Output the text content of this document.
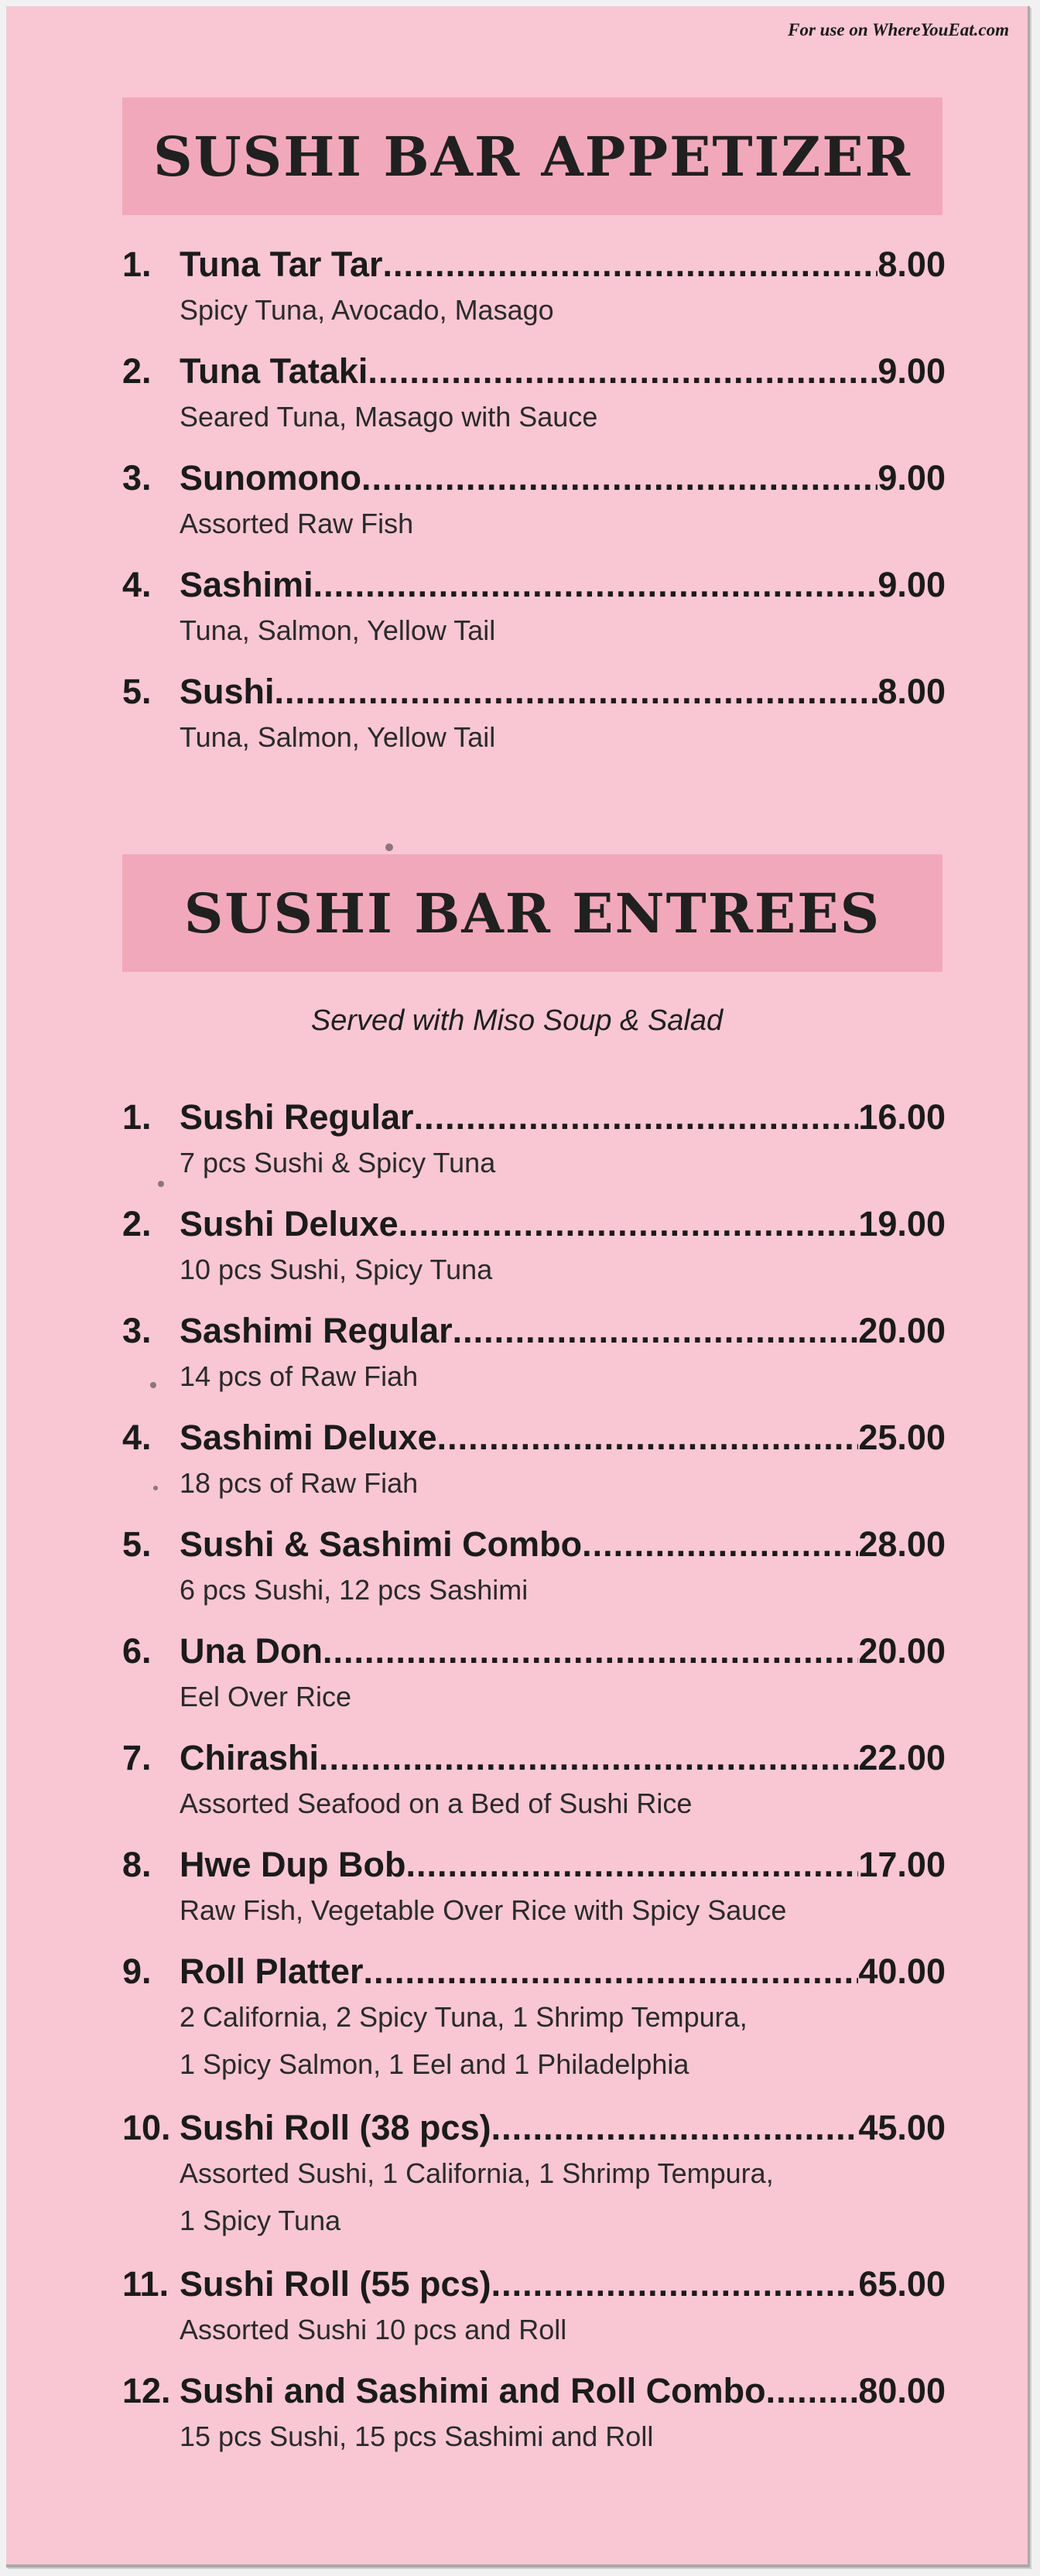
For use on WhereYouEat.com
SUSHI BAR APPETIZER
1. Tuna Tar Tar .....	8.00
Spicy Tuna, Avocado, Masago
2. Tuna Tataki .....	9.00
Seared Tuna, Masago with Sauce
3. Sunomono .....	9.00
Assorted Raw Fish
4. Sashimi .....	9.00
Tuna, Salmon, Yellow Tail
5. Sushi .....	8.00
Tuna, Salmon, Yellow Tail
SUSHI BAR ENTREES
Served with Miso Soup & Salad
1. Sushi Regular .....	16.00
7 pcs Sushi & Spicy Tuna
2. Sushi Deluxe .....	19.00
10 pcs Sushi, Spicy Tuna
3. Sashimi Regular .....	20.00
14 pcs of Raw Fiah
4. Sashimi Deluxe .....	25.00
18 pcs of Raw Fiah
5. Sushi & Sashimi Combo .....	28.00
6 pcs Sushi, 12 pcs Sashimi
6. Una Don .....	20.00
Eel Over Rice
7. Chirashi .....	22.00
Assorted Seafood on a Bed of Sushi Rice
8. Hwe Dup Bob .....	17.00
Raw Fish, Vegetable Over Rice with Spicy Sauce
9. Roll Platter .....	40.00
2 California, 2 Spicy Tuna, 1 Shrimp Tempura,
1 Spicy Salmon, 1 Eel and 1 Philadelphia
10. Sushi Roll (38 pcs) .....	45.00
Assorted Sushi, 1 California, 1 Shrimp Tempura,
1 Spicy Tuna
11. Sushi Roll (55 pcs) .....	65.00
Assorted Sushi 10 pcs and Roll
12. Sushi and Sashimi and Roll Combo .....	80.00
15 pcs Sushi, 15 pcs Sashimi and Roll
